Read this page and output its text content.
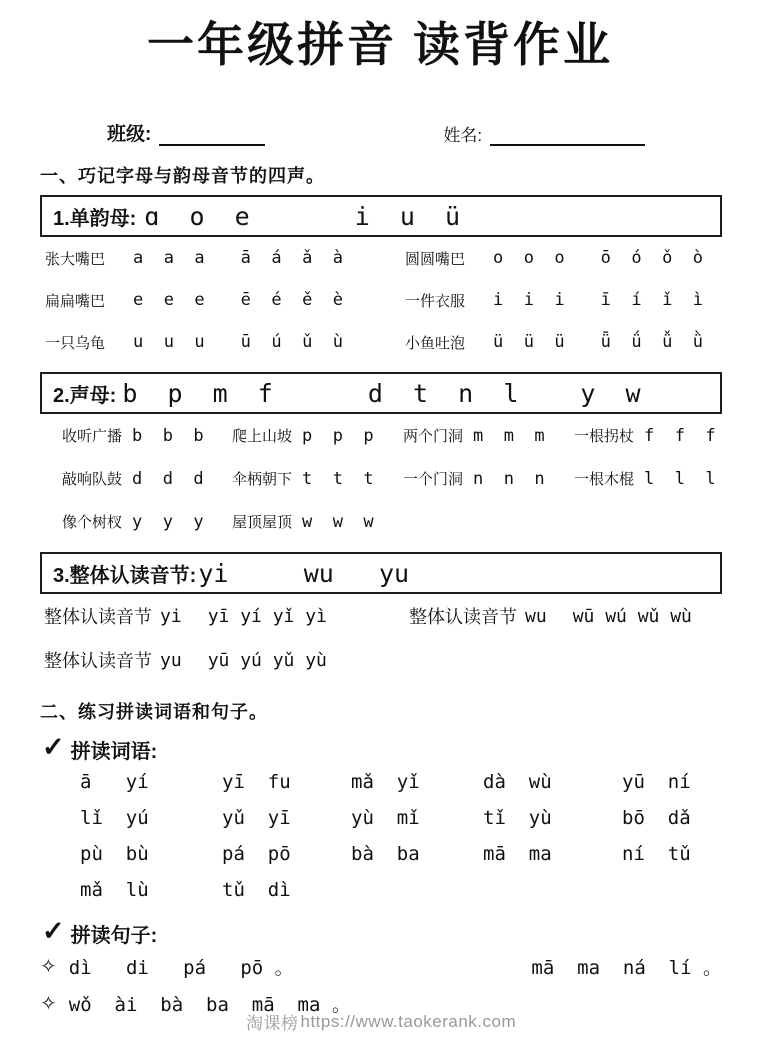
一年级拼音 读背作业
班级:	姓名:
一、巧记字母与韵母音节的四声。
1.单韵母: ɑ  o  e	i  u  ü
张大嘴巴	a  a  a ā  á  ǎ  à	圆圆嘴巴	o  o  o ō  ó  ǒ  ò
扁扁嘴巴	e  e  e ē  é  ě  è	一件衣服	i  i  i ī  í  ǐ  ì
一只乌龟	u  u  u ū  ú  ǔ  ù	小鱼吐泡	ü  ü  ü ǖ  ǘ  ǚ  ǜ
2.声母: b  p  m  f	d  t  n  l y  w
收听广播 b  b  b 爬上山坡 p  p  p 两个门洞 m  m  m 一根拐杖 f  f  f
敲响队鼓 d  d  d 伞柄朝下 t  t  t 一个门洞 n  n  n 一根木棍 l  l  l
像个树杈 y  y  y 屋顶屋顶 w  w  w
3.整体认读音节: yi     wu   yu
整体认读音节 yi yī yí yǐ yì	整体认读音节 wu wū wú wǔ wù
整体认读音节 yu yū yú yǔ yù
二、练习拼读词语和句子。
✓ 拼读词语:
ā   yí	yī  fu	mǎ  yǐ	dà  wù	yū  ní
lǐ  yú	yǔ  yī	yù  mǐ	tǐ  yù	bō  dǎ
pù  bù	pá  pō	bà  ba	mā  ma	ní  tǔ
mǎ  lù	tǔ  dì
✓ 拼读句子:
✧ dì   di   pá   pō 。	mā  ma  ná  lí 。
✧ wǒ  ài  bà  ba  mā  ma 。
淘课榜 https://www.taokerank.com
